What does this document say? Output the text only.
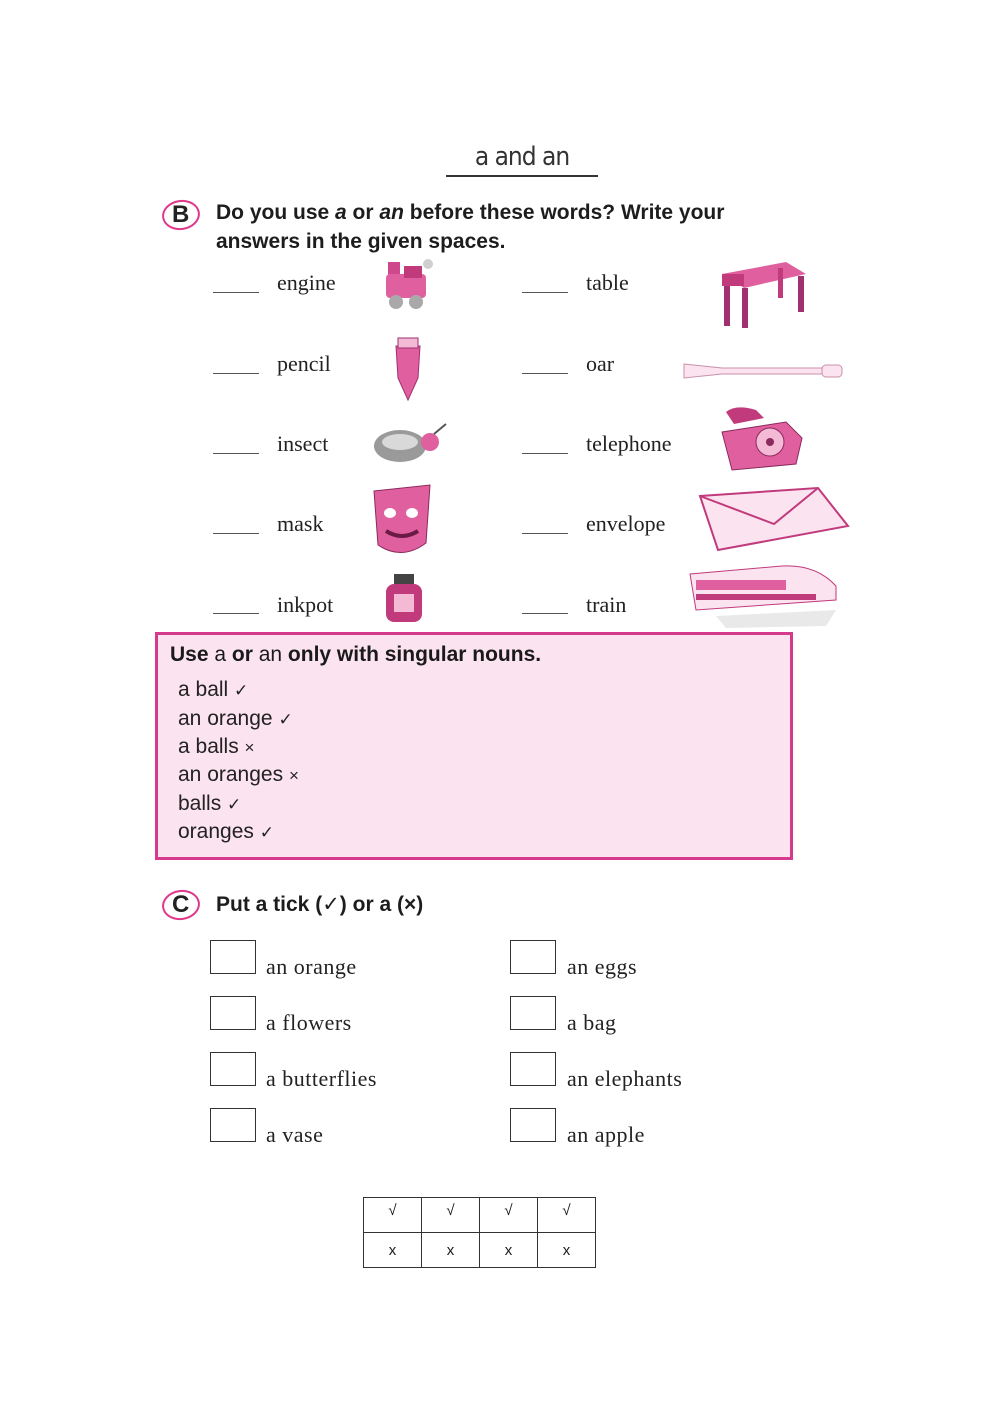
a and an
B Do you use a or an before these words? Write your
answers in the given spaces.
engine
pencil
insect
mask
inkpot
table
oar
telephone
envelope
train
Use a or an only with singular nouns.
a ball ✓
an orange ✓
a balls ×
an oranges ×
balls ✓
oranges ✓
C Put a tick (✓) or a (×)
an orange
a flowers
a butterflies
a vase
an eggs
a bag
an elephants
an apple
√	√	√	√
x	x	x	x
